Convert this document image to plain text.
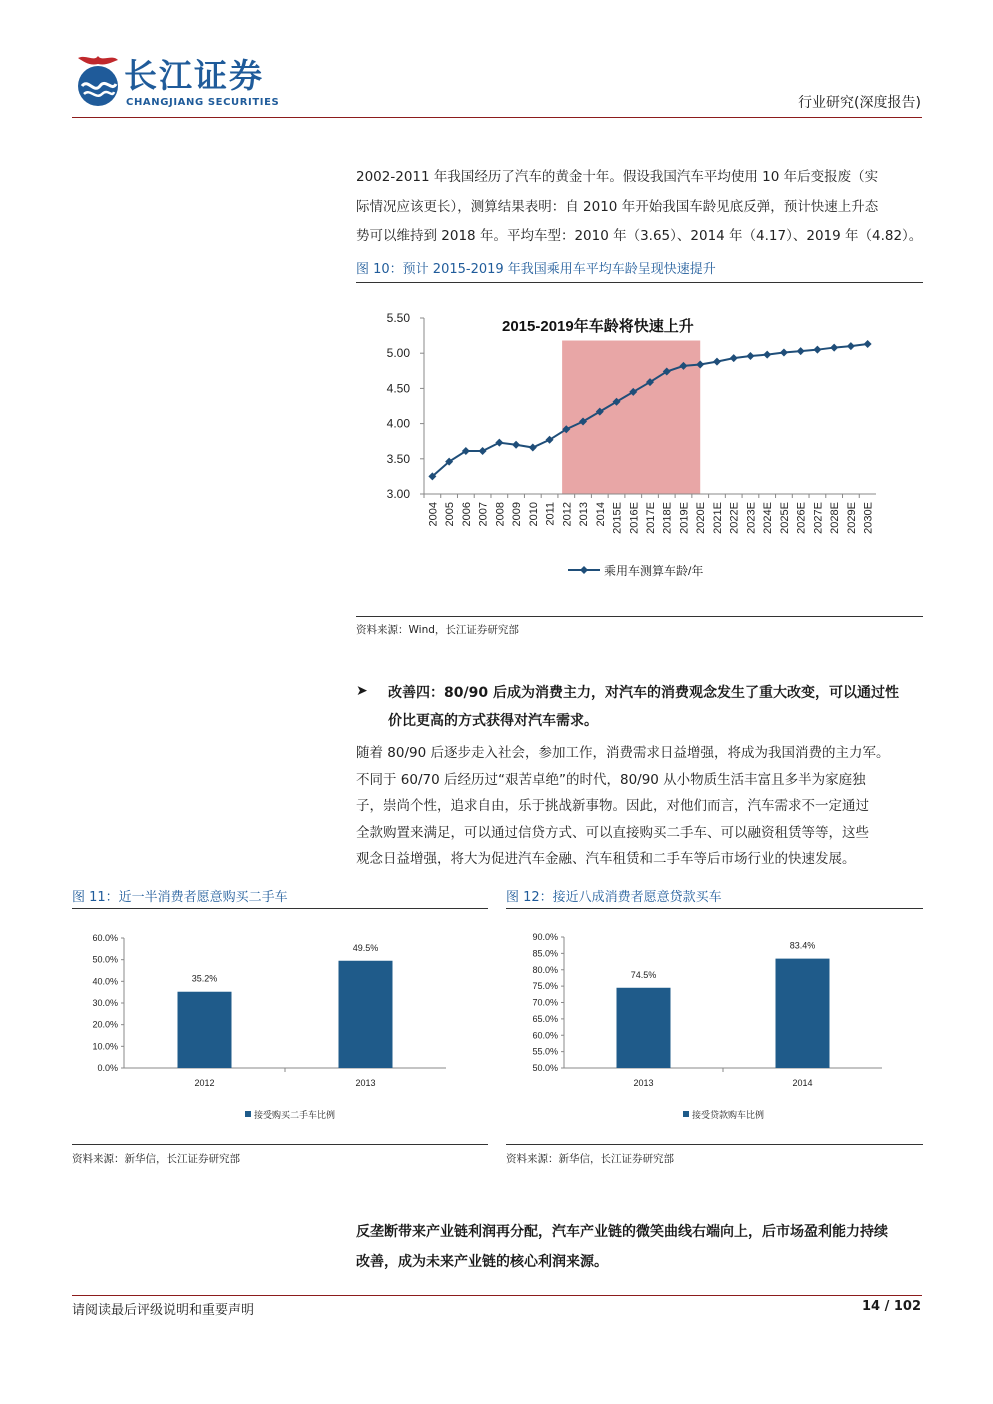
长江证券
CHANGJIANG SECURITIES	行业研究(深度报告)
2002-2011 年我国经历了汽车的黄金十年。假设我国汽车平均使用 10 年后变报废（实
际情况应该更长），测算结果表明：自 2010 年开始我国车龄见底反弹，预计快速上升态
势可以维持到 2018 年。平均车型：2010 年（3.65）、2014 年（4.17）、2019 年（4.82）。
图 10：预计 2015-2019 年我国乘用车平均车龄呈现快速提升
3.00
3.50
4.00
4.50
5.00
5.50
2004 2005 2006 2007 2008 2009 2010 2011 2012 2013 2014 2015E 2016E 2017E 2018E 2019E 2020E 2021E 2022E 2023E 2024E 2025E 2026E 2027E 2028E 2029E 2030E
2015-2019年车龄将快速上升
乘用车测算车龄/年
资料来源：Wind，长江证券研究部
➤ 改善四：80/90 后成为消费主力，对汽车的消费观念发生了重大改变，可以通过性
价比更高的方式获得对汽车需求。
随着 80/90 后逐步走入社会，参加工作，消费需求日益增强，将成为我国消费的主力军。
不同于 60/70 后经历过“艰苦卓绝”的时代，80/90 从小物质生活丰富且多半为家庭独
子，崇尚个性，追求自由，乐于挑战新事物。因此，对他们而言，汽车需求不一定通过
全款购置来满足，可以通过信贷方式、可以直接购买二手车、可以融资租赁等等，这些
观念日益增强，将大为促进汽车金融、汽车租赁和二手车等后市场行业的快速发展。
图 11：近一半消费者愿意购买二手车
0.0%
10.0%
20.0%
30.0%
40.0%
50.0%
60.0%
35.2%
2012
49.5%
2013
接受购买二手车比例
资料来源：新华信，长江证券研究部
图 12：接近八成消费者愿意贷款买车
50.0%
55.0%
60.0%
65.0%
70.0%
75.0%
80.0%
85.0%
90.0%
74.5%
2013
83.4%
2014
接受贷款购车比例
资料来源：新华信，长江证券研究部
反垄断带来产业链利润再分配，汽车产业链的微笑曲线右端向上，后市场盈利能力持续
改善，成为未来产业链的核心利润来源。
请阅读最后评级说明和重要声明	14 / 102
